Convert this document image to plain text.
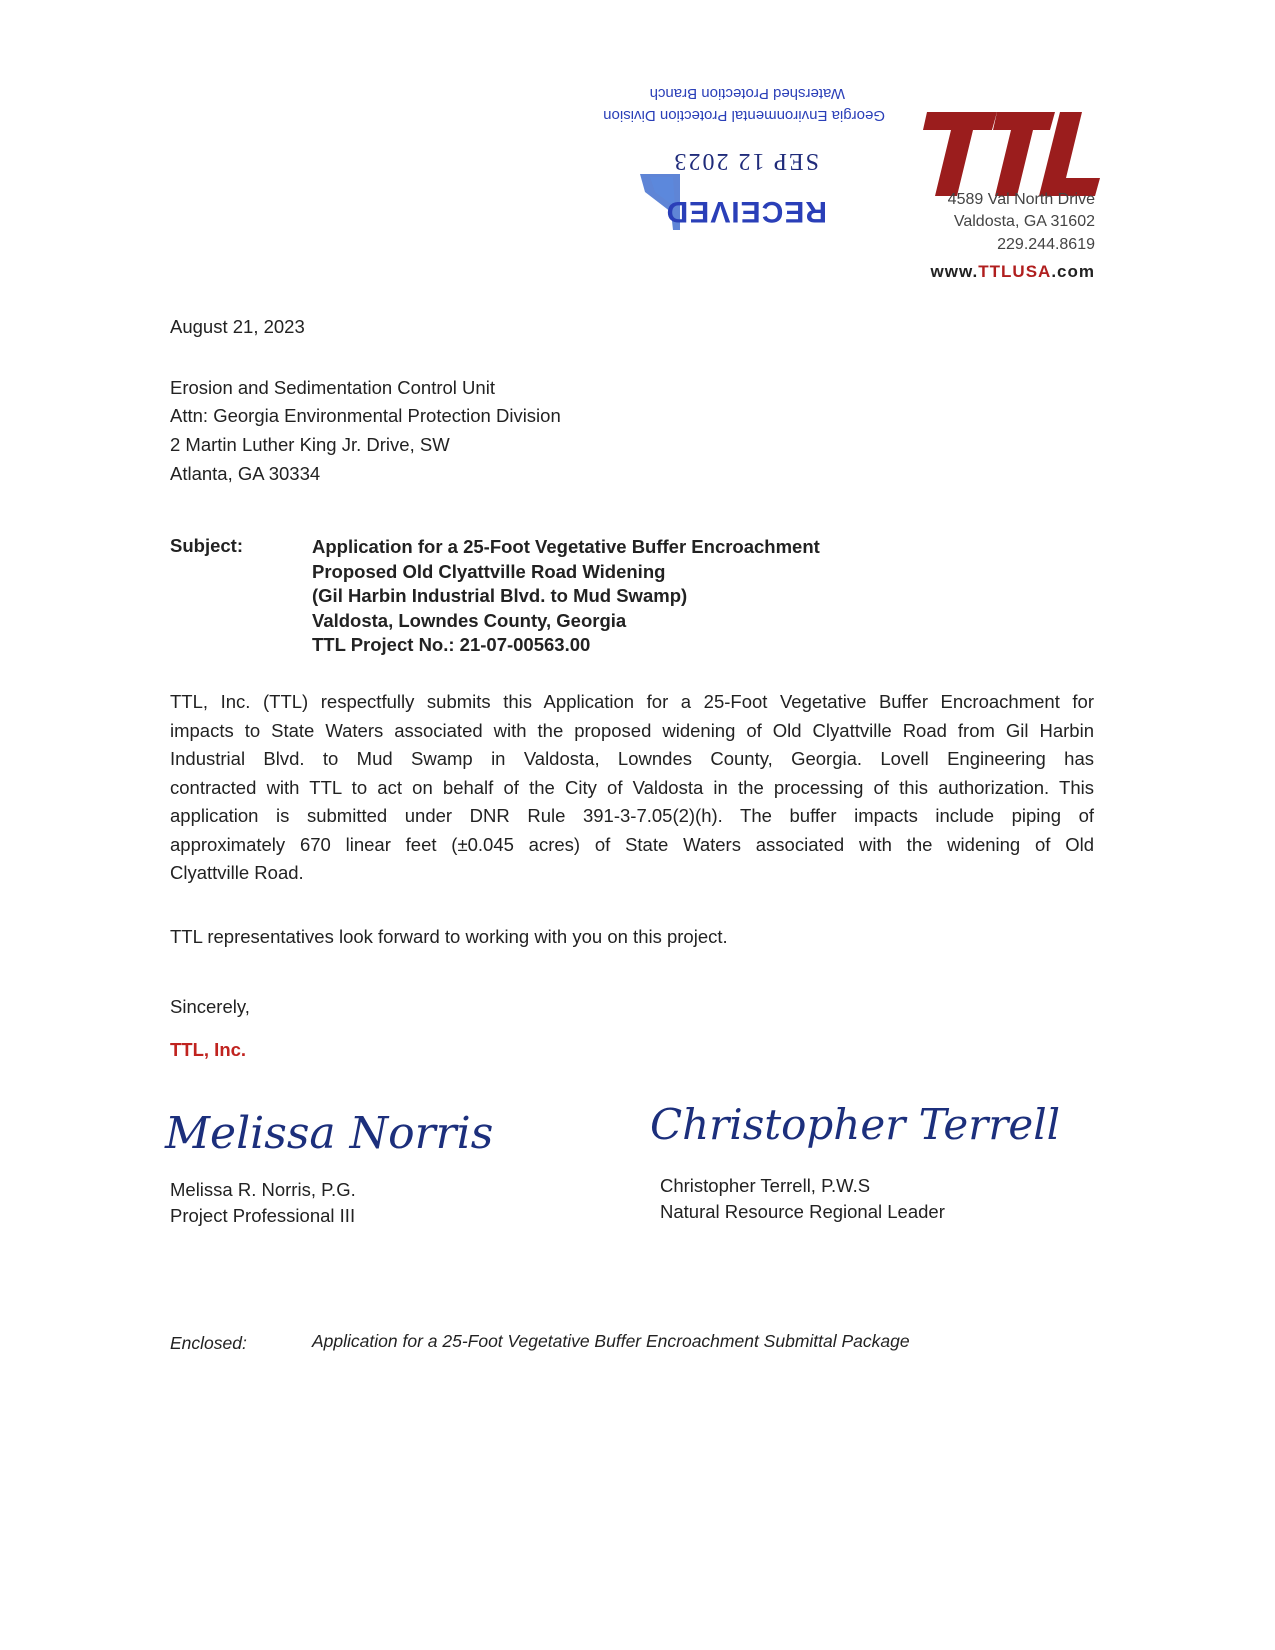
RECEIVED
SEP 12 2023
Georgia Environmental Protection Division
Watershed Protection Branch
4589 Val North Drive
Valdosta, GA 31602
229.244.8619
www.TTLUSA.com
August 21, 2023
Erosion and Sedimentation Control Unit
Attn: Georgia Environmental Protection Division
2 Martin Luther King Jr. Drive, SW
Atlanta, GA 30334
Subject:	Application for a 25-Foot Vegetative Buffer Encroachment
Proposed Old Clyattville Road Widening
(Gil Harbin Industrial Blvd. to Mud Swamp)
Valdosta, Lowndes County, Georgia
TTL Project No.: 21-07-00563.00
TTL, Inc. (TTL) respectfully submits this Application for a 25-Foot Vegetative Buffer Encroachment for
impacts to State Waters associated with the proposed widening of Old Clyattville Road from Gil Harbin
Industrial Blvd. to Mud Swamp in Valdosta, Lowndes County, Georgia. Lovell Engineering has
contracted with TTL to act on behalf of the City of Valdosta in the processing of this authorization. This
application is submitted under DNR Rule 391-3-7.05(2)(h). The buffer impacts include piping of
approximately 670 linear feet (±0.045 acres) of State Waters associated with the widening of Old
Clyattville Road.
TTL representatives look forward to working with you on this project.
Sincerely,
TTL, Inc.
Melissa Norris	Christopher Terrell
Melissa R. Norris, P.G.
Project Professional III
Christopher Terrell, P.W.S
Natural Resource Regional Leader
Enclosed:	Application for a 25-Foot Vegetative Buffer Encroachment Submittal Package
